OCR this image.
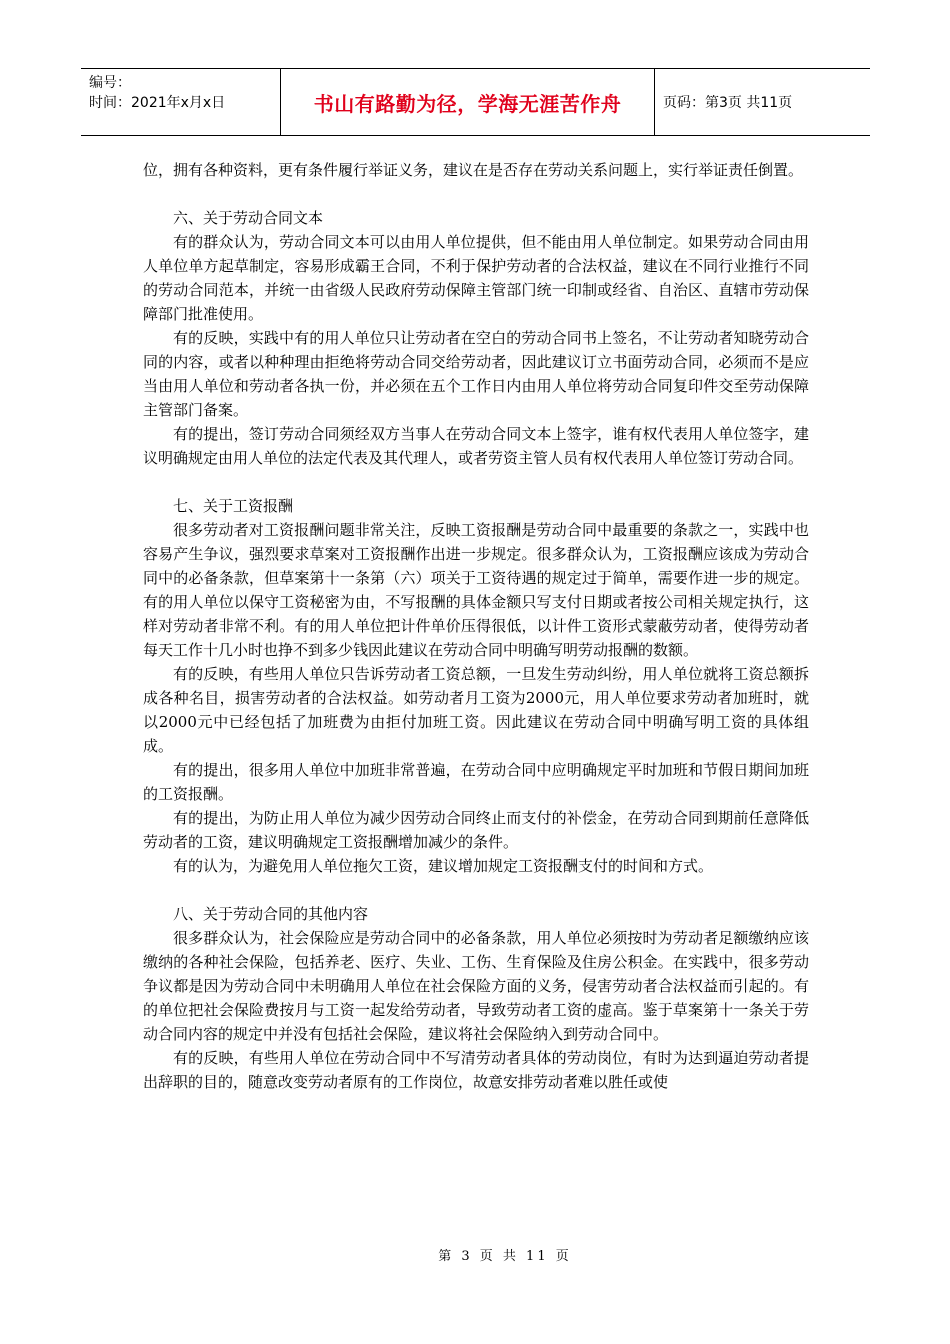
编号：
时间：2021年x月x日	书山有路勤为径，学海无涯苦作舟	页码：第3页 共11页

位，拥有各种资料，更有条件履行举证义务，建议在是否存在劳动关系问题上，实行举证责任倒置。

六、关于劳动合同文本

有的群众认为，劳动合同文本可以由用人单位提供，但不能由用人单位制定。如果劳动合同由用人单位单方起草制定，容易形成霸王合同，不利于保护劳动者的合法权益，建议在不同行业推行不同的劳动合同范本，并统一由省级人民政府劳动保障主管部门统一印制或经省、自治区、直辖市劳动保障部门批准使用。

有的反映，实践中有的用人单位只让劳动者在空白的劳动合同书上签名，不让劳动者知晓劳动合同的内容，或者以种种理由拒绝将劳动合同交给劳动者，因此建议订立书面劳动合同，必须而不是应当由用人单位和劳动者各执一份，并必须在五个工作日内由用人单位将劳动合同复印件交至劳动保障主管部门备案。

有的提出，签订劳动合同须经双方当事人在劳动合同文本上签字，谁有权代表用人单位签字，建议明确规定由用人单位的法定代表及其代理人，或者劳资主管人员有权代表用人单位签订劳动合同。

七、关于工资报酬

很多劳动者对工资报酬问题非常关注，反映工资报酬是劳动合同中最重要的条款之一，实践中也容易产生争议，强烈要求草案对工资报酬作出进一步规定。很多群众认为，工资报酬应该成为劳动合同中的必备条款，但草案第十一条第（六）项关于工资待遇的规定过于简单，需要作进一步的规定。有的用人单位以保守工资秘密为由，不写报酬的具体金额只写支付日期或者按公司相关规定执行，这样对劳动者非常不利。有的用人单位把计件单价压得很低，以计件工资形式蒙蔽劳动者，使得劳动者每天工作十几小时也挣不到多少钱因此建议在劳动合同中明确写明劳动报酬的数额。

有的反映，有些用人单位只告诉劳动者工资总额，一旦发生劳动纠纷，用人单位就将工资总额拆成各种名目，损害劳动者的合法权益。如劳动者月工资为2000元，用人单位要求劳动者加班时，就以2000元中已经包括了加班费为由拒付加班工资。因此建议在劳动合同中明确写明工资的具体组成。

有的提出，很多用人单位中加班非常普遍，在劳动合同中应明确规定平时加班和节假日期间加班的工资报酬。

有的提出，为防止用人单位为减少因劳动合同终止而支付的补偿金，在劳动合同到期前任意降低劳动者的工资，建议明确规定工资报酬增加减少的条件。

有的认为，为避免用人单位拖欠工资，建议增加规定工资报酬支付的时间和方式。

八、关于劳动合同的其他内容

很多群众认为，社会保险应是劳动合同中的必备条款，用人单位必须按时为劳动者足额缴纳应该缴纳的各种社会保险，包括养老、医疗、失业、工伤、生育保险及住房公积金。在实践中，很多劳动争议都是因为劳动合同中未明确用人单位在社会保险方面的义务，侵害劳动者合法权益而引起的。有的单位把社会保险费按月与工资一起发给劳动者，导致劳动者工资的虚高。鉴于草案第十一条关于劳动合同内容的规定中并没有包括社会保险，建议将社会保险纳入到劳动合同中。

有的反映，有些用人单位在劳动合同中不写清劳动者具体的劳动岗位，有时为达到逼迫劳动者提出辞职的目的，随意改变劳动者原有的工作岗位，故意安排劳动者难以胜任或使

第 3 页 共 11 页
